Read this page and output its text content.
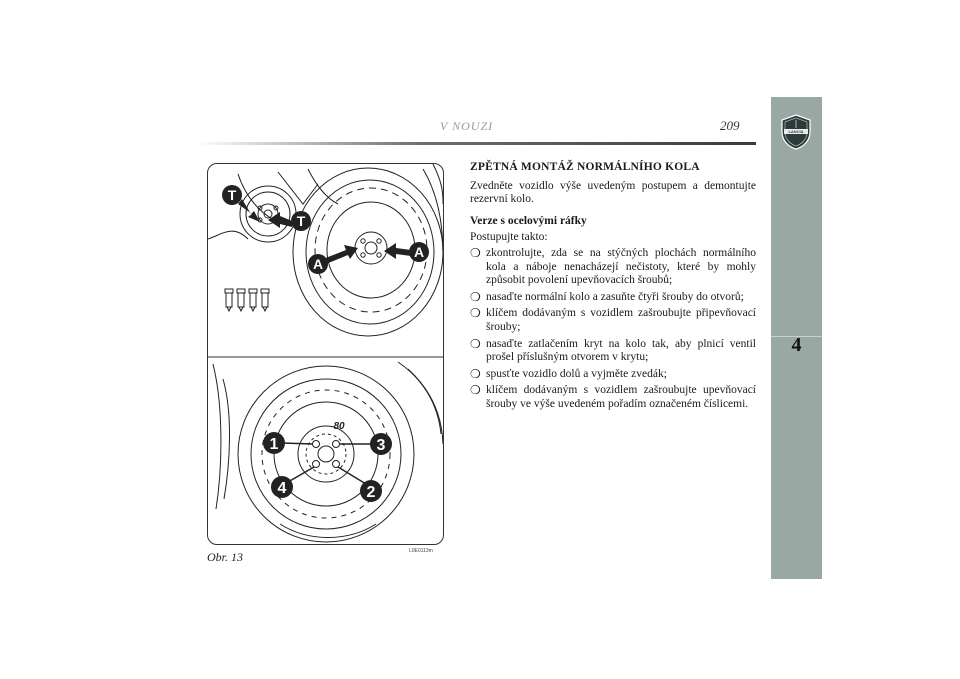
V NOUZI	209	LANCIA
4
T
T
A
A
1	3
4	2
80
Obr. 13	L0E0113m

ZPĚTNÁ MONTÁŽ NORMÁLNÍHO KOLA

Zvedněte vozidlo výše uvedeným postupem a demontujte rezervní kolo.

Verze s ocelovými ráfky

Postupujte takto:

❍ zkontrolujte, zda se na stýčných plochách normálního kola a náboje nenacházejí nečistoty, které by mohly způsobit povolení upevňovacích šroubů;
❍ nasaďte normální kolo a zasuňte čtyři šrouby do otvorů;
❍ klíčem dodávaným s vozidlem zašroubujte připevňovací šrouby;
❍ nasaďte zatlačením kryt na kolo tak, aby plnicí ventil prošel příslušným otvorem v krytu;
❍ spusťte vozidlo dolů a vyjměte zvedák;
❍ klíčem dodávaným s vozidlem zašroubujte upevňovací šrouby ve výše uvedeném pořadím označeném číslicemi.
